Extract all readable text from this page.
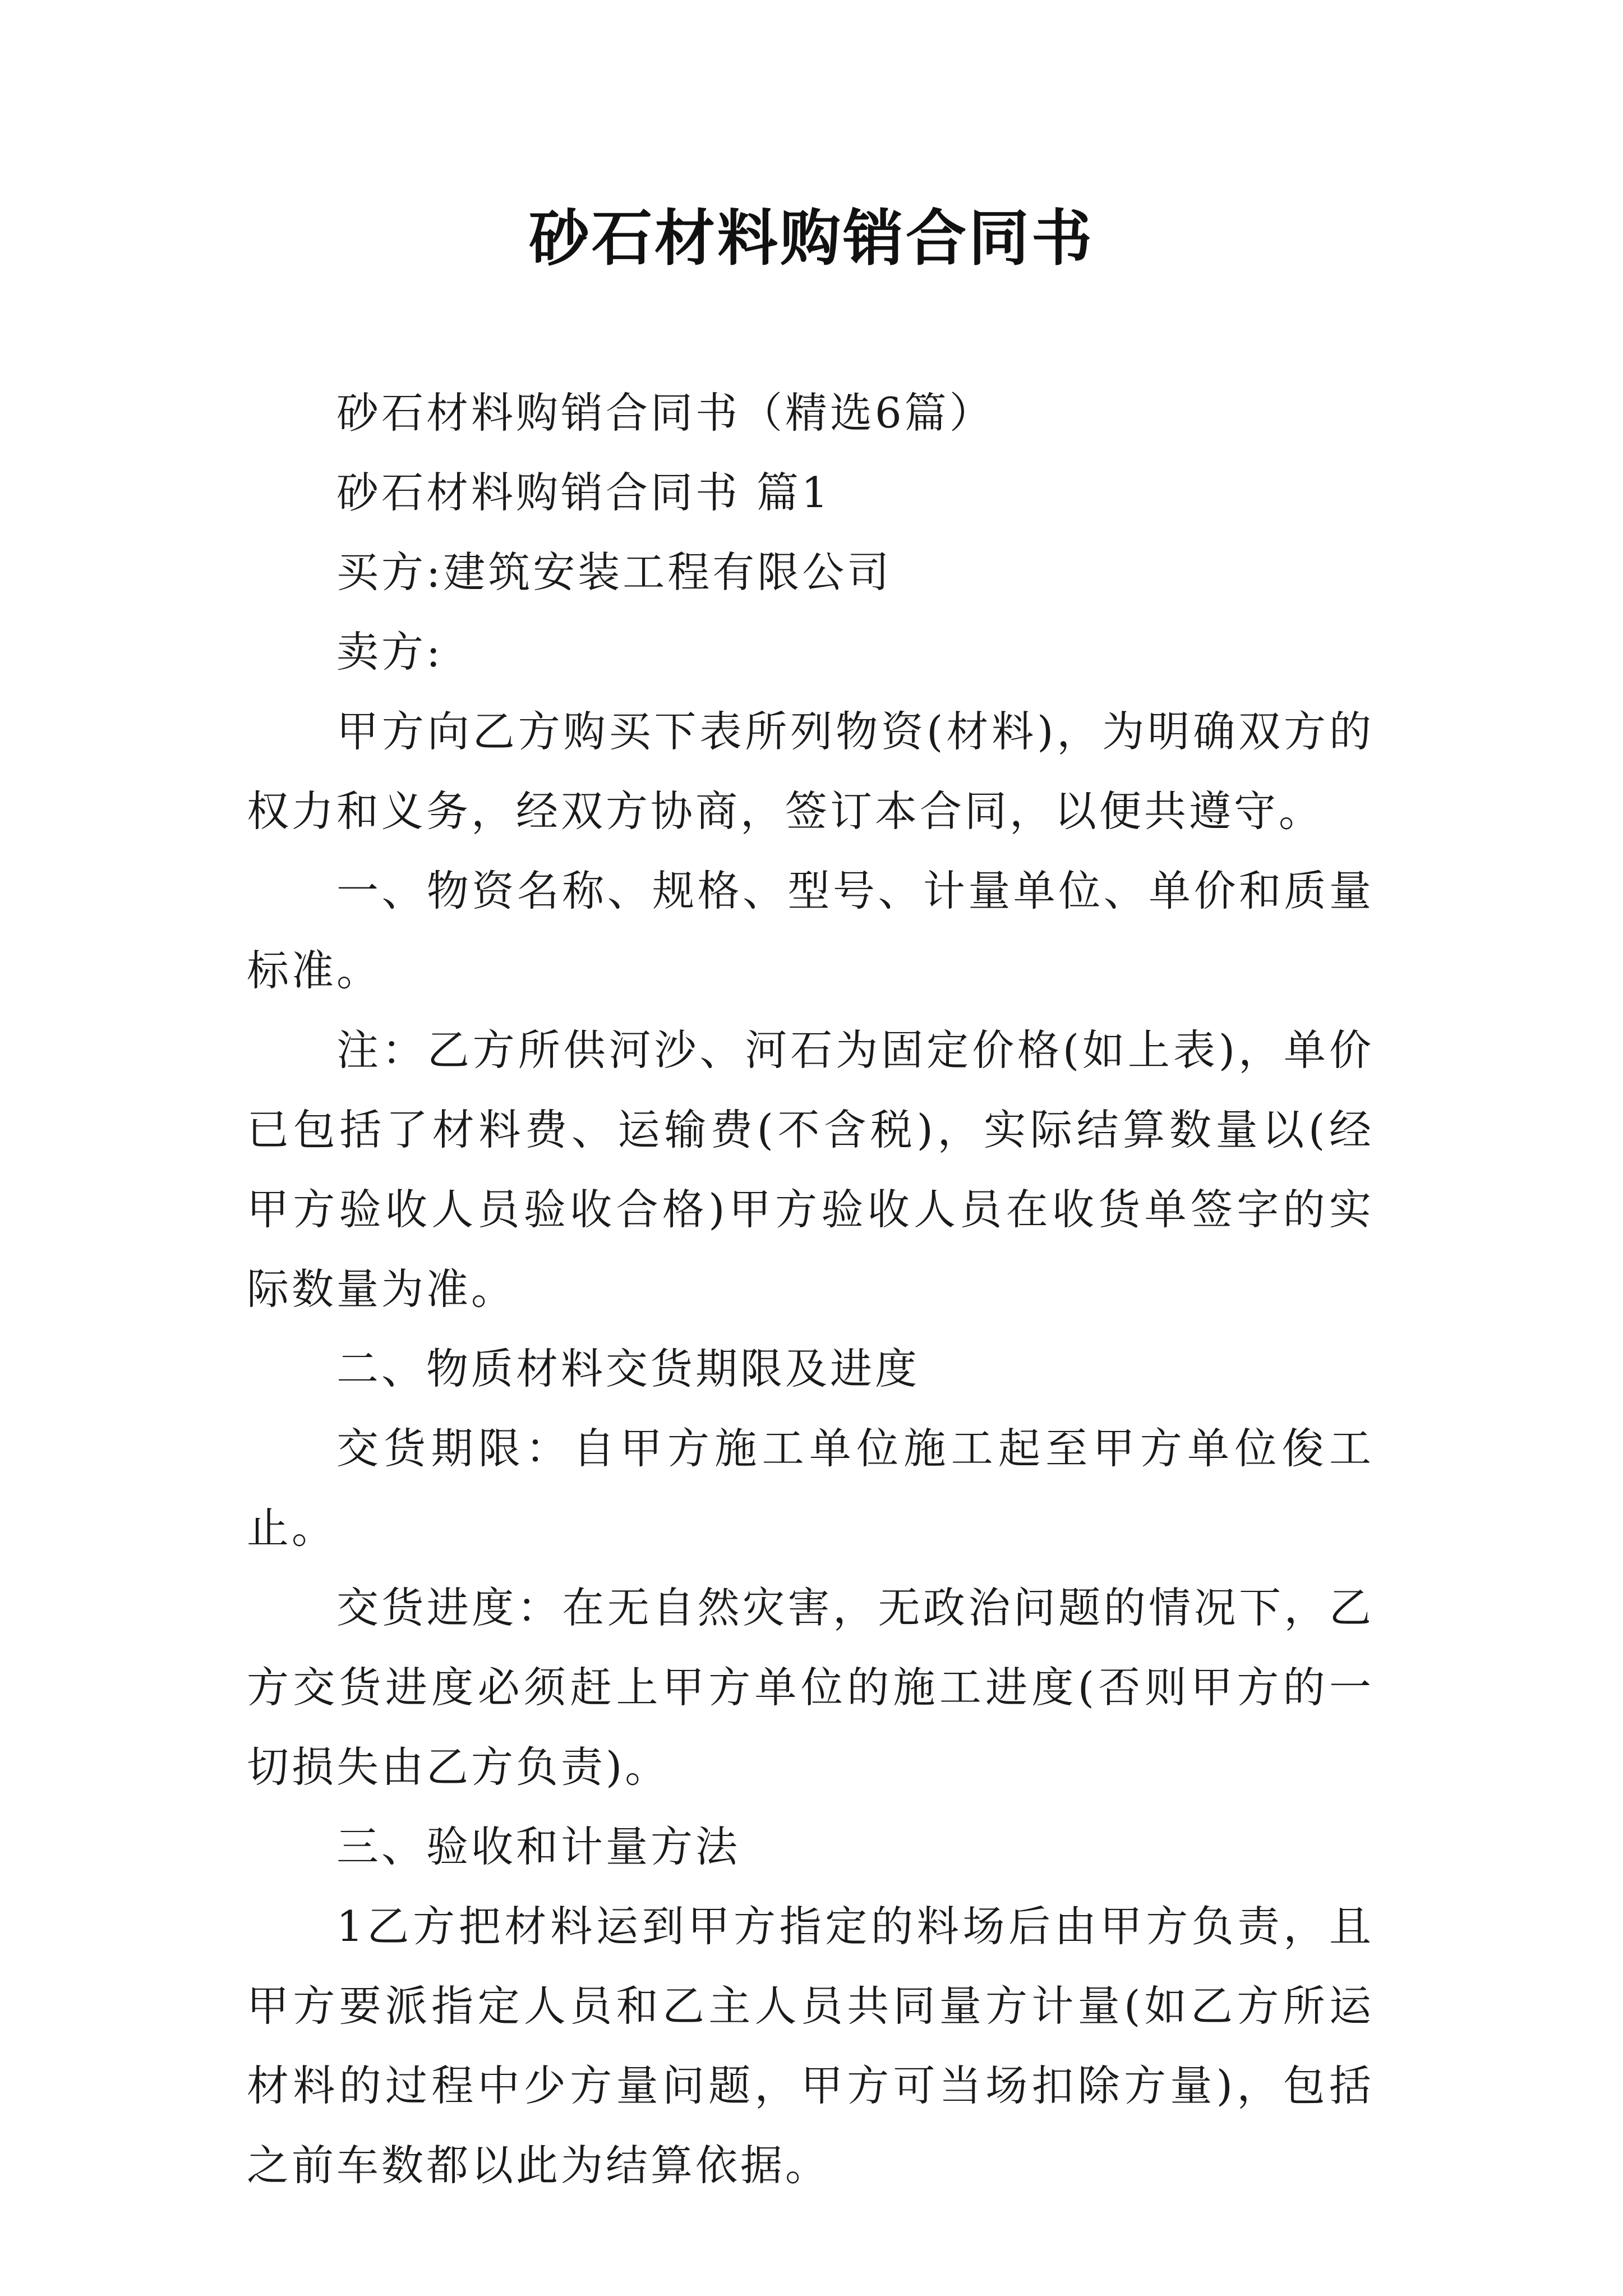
砂石材料购销合同书

砂石材料购销合同书（精选6篇）

砂石材料购销合同书 篇1

买方:建筑安装工程有限公司

卖方:

甲方向乙方购买下表所列物资(材料)，为明确双方的权力和义务，经双方协商，签订本合同，以便共遵守。

一、物资名称、规格、型号、计量单位、单价和质量标准。

注：乙方所供河沙、河石为固定价格(如上表)，单价已包括了材料费、运输费(不含税)，实际结算数量以(经甲方验收人员验收合格)甲方验收人员在收货单签字的实际数量为准。

二、物质材料交货期限及进度

交货期限：自甲方施工单位施工起至甲方单位俊工止。

交货进度：在无自然灾害，无政治问题的情况下，乙方交货进度必须赶上甲方单位的施工进度(否则甲方的一切损失由乙方负责)。

三、验收和计量方法

1乙方把材料运到甲方指定的料场后由甲方负责，且甲方要派指定人员和乙主人员共同量方计量(如乙方所运材料的过程中少方量问题，甲方可当场扣除方量)，包括之前车数都以此为结算依据。
